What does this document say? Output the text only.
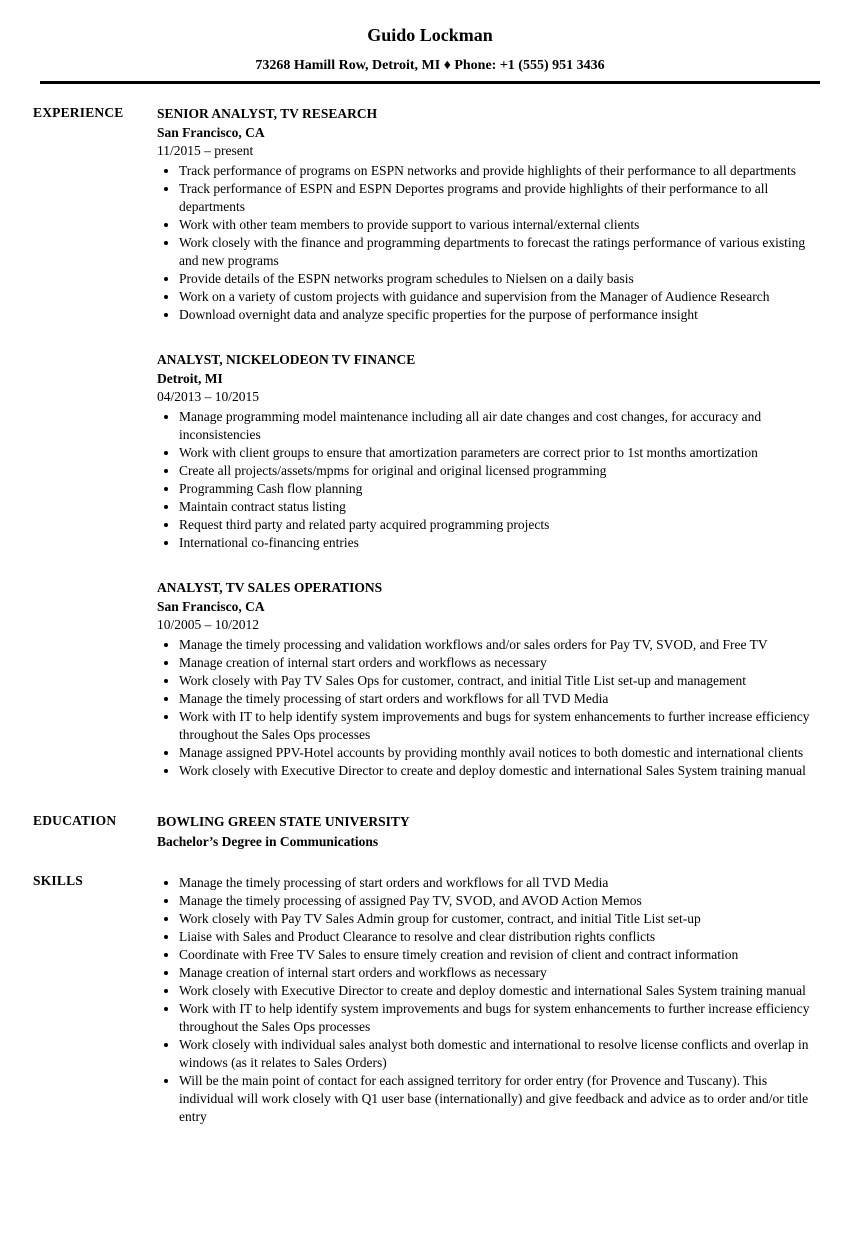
Guido Lockman
73268 Hamill Row, Detroit, MI ♦ Phone: +1 (555) 951 3436
EXPERIENCE	SENIOR ANALYST, TV RESEARCH
San Francisco, CA
11/2015 – present
• Track performance of programs on ESPN networks and provide highlights of their performance to all departments
• Track performance of ESPN and ESPN Deportes programs and provide highlights of their performance to all departments
• Work with other team members to provide support to various internal/external clients
• Work closely with the finance and programming departments to forecast the ratings performance of various existing and new programs
• Provide details of the ESPN networks program schedules to Nielsen on a daily basis
• Work on a variety of custom projects with guidance and supervision from the Manager of Audience Research
• Download overnight data and analyze specific properties for the purpose of performance insight
ANALYST, NICKELODEON TV FINANCE
Detroit, MI
04/2013 – 10/2015
• Manage programming model maintenance including all air date changes and cost changes, for accuracy and inconsistencies
• Work with client groups to ensure that amortization parameters are correct prior to 1st months amortization
• Create all projects/assets/mpms for original and original licensed programming
• Programming Cash flow planning
• Maintain contract status listing
• Request third party and related party acquired programming projects
• International co-financing entries
ANALYST, TV SALES OPERATIONS
San Francisco, CA
10/2005 – 10/2012
• Manage the timely processing and validation workflows and/or sales orders for Pay TV, SVOD, and Free TV
• Manage creation of internal start orders and workflows as necessary
• Work closely with Pay TV Sales Ops for customer, contract, and initial Title List set-up and management
• Manage the timely processing of start orders and workflows for all TVD Media
• Work with IT to help identify system improvements and bugs for system enhancements to further increase efficiency throughout the Sales Ops processes
• Manage assigned PPV-Hotel accounts by providing monthly avail notices to both domestic and international clients
• Work closely with Executive Director to create and deploy domestic and international Sales System training manual
EDUCATION	BOWLING GREEN STATE UNIVERSITY
Bachelor’s Degree in Communications
SKILLS	• Manage the timely processing of start orders and workflows for all TVD Media
• Manage the timely processing of assigned Pay TV, SVOD, and AVOD Action Memos
• Work closely with Pay TV Sales Admin group for customer, contract, and initial Title List set-up
• Liaise with Sales and Product Clearance to resolve and clear distribution rights conflicts
• Coordinate with Free TV Sales to ensure timely creation and revision of client and contract information
• Manage creation of internal start orders and workflows as necessary
• Work closely with Executive Director to create and deploy domestic and international Sales System training manual
• Work with IT to help identify system improvements and bugs for system enhancements to further increase efficiency throughout the Sales Ops processes
• Work closely with individual sales analyst both domestic and international to resolve license conflicts and overlap in windows (as it relates to Sales Orders)
• Will be the main point of contact for each assigned territory for order entry (for Provence and Tuscany). This individual will work closely with Q1 user base (internationally) and give feedback and advice as to order and/or title entry
